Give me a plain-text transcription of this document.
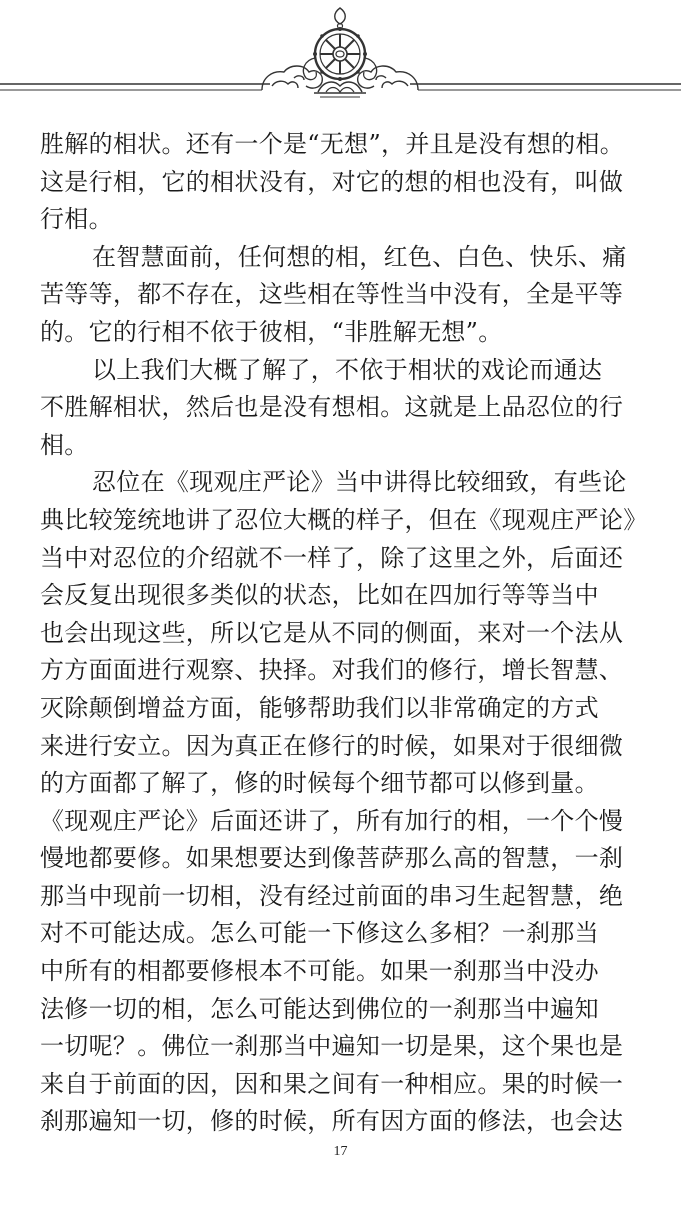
胜解的相状。还有一个是“无想”，并且是没有想的相。
这是行相，它的相状没有，对它的想的相也没有，叫做
行相。
在智慧面前，任何想的相，红色、白色、快乐、痛
苦等等，都不存在，这些相在等性当中没有，全是平等
的。它的行相不依于彼相，“非胜解无想”。
以上我们大概了解了，不依于相状的戏论而通达
不胜解相状，然后也是没有想相。这就是上品忍位的行
相。
忍位在《现观庄严论》当中讲得比较细致，有些论
典比较笼统地讲了忍位大概的样子，但在《现观庄严论》
当中对忍位的介绍就不一样了，除了这里之外，后面还
会反复出现很多类似的状态，比如在四加行等等当中
也会出现这些，所以它是从不同的侧面，来对一个法从
方方面面进行观察、抉择。对我们的修行，增长智慧、
灭除颠倒增益方面，能够帮助我们以非常确定的方式
来进行安立。因为真正在修行的时候，如果对于很细微
的方面都了解了，修的时候每个细节都可以修到量。
《现观庄严论》后面还讲了，所有加行的相，一个个慢
慢地都要修。如果想要达到像菩萨那么高的智慧，一刹
那当中现前一切相，没有经过前面的串习生起智慧，绝
对不可能达成。怎么可能一下修这么多相？一刹那当
中所有的相都要修根本不可能。如果一刹那当中没办
法修一切的相，怎么可能达到佛位的一刹那当中遍知
一切呢？。佛位一刹那当中遍知一切是果，这个果也是
来自于前面的因，因和果之间有一种相应。果的时候一
刹那遍知一切，修的时候，所有因方面的修法，也会达
17
